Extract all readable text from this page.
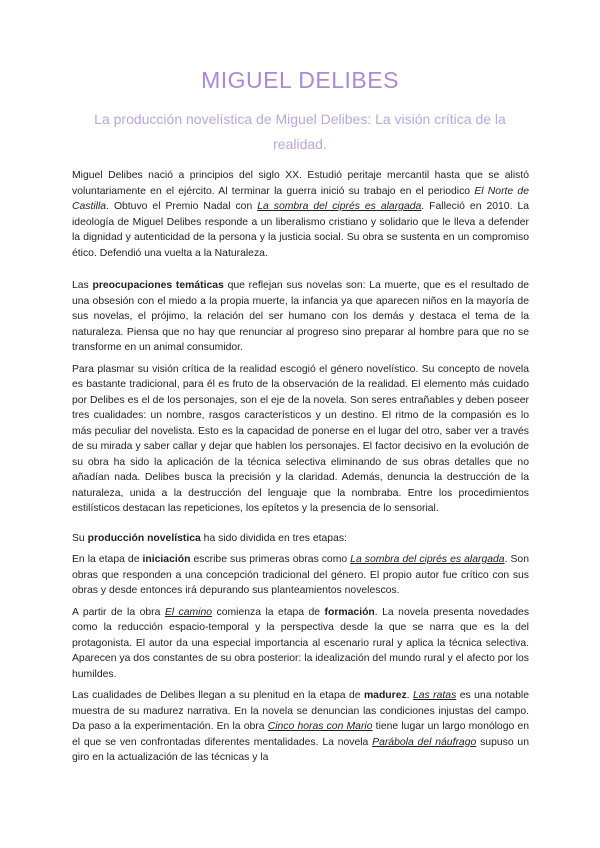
MIGUEL DELIBES
La producción novelística de Miguel Delibes: La visión crítica de la realidad.

Miguel Delibes nació a principios del siglo XX. Estudió peritaje mercantil hasta que se alistó voluntariamente en el ejército. Al terminar la guerra inició su trabajo en el periodico El Norte de Castilla. Obtuvo el Premio Nadal con La sombra del ciprés es alargada. Falleció en 2010. La ideología de Miguel Delibes responde a un liberalismo cristiano y solidario que le lleva a defender la dignidad y autenticidad de la persona y la justicia social. Su obra se sustenta en un compromiso ético. Defendió una vuelta a la Naturaleza.

Las preocupaciones temáticas que reflejan sus novelas son: La muerte, que es el resultado de una obsesión con el miedo a la propia muerte, la infancia ya que aparecen niños en la mayoría de sus novelas, el prójimo, la relación del ser humano con los demás y destaca el tema de la naturaleza. Piensa que no hay que renunciar al progreso sino preparar al hombre para que no se transforme en un animal consumidor.

Para plasmar su visión crítica de la realidad escogió el género novelístico. Su concepto de novela es bastante tradicional, para él es fruto de la observación de la realidad. El elemento más cuidado por Delibes es el de los personajes, son el eje de la novela. Son seres entrañables y deben poseer tres cualidades: un nombre, rasgos característicos y un destino. El ritmo de la compasión es lo más peculiar del novelista. Esto es la capacidad de ponerse en el lugar del otro, saber ver a través de su mirada y saber callar y dejar que hablen los personajes. El factor decisivo en la evolución de su obra ha sido la aplicación de la técnica selectiva eliminando de sus obras detalles que no añadían nada. Delibes busca la precisión y la claridad. Además, denuncia la destrucción de la naturaleza, unida a la destrucción del lenguaje que la nombraba. Entre los procedimientos estilísticos destacan las repeticiones, los epítetos y la presencia de lo sensorial.

Su producción novelística ha sido dividida en tres etapas:

En la etapa de iniciación escribe sus primeras obras como La sombra del ciprés es alargada. Son obras que responden a una concepción tradicional del género. El propio autor fue crítico con sus obras y desde entonces irá depurando sus planteamientos novelescos.

A partir de la obra El camino comienza la etapa de formación. La novela presenta novedades como la reducción espacio-temporal y la perspectiva desde la que se narra que es la del protagonista. El autor da una especial importancia al escenario rural y aplica la técnica selectiva. Aparecen ya dos constantes de su obra posterior: la idealización del mundo rural y el afecto por los humildes.

Las cualidades de Delibes llegan a su plenitud en la etapa de madurez. Las ratas es una notable muestra de su madurez narrativa. En la novela se denuncian las condiciones injustas del campo. Da paso a la experimentación. En la obra Cinco horas con Mario tiene lugar un largo monólogo en el que se ven confrontadas diferentes mentalidades. La novela Parábola del náufrago supuso un giro en la actualización de las técnicas y la
